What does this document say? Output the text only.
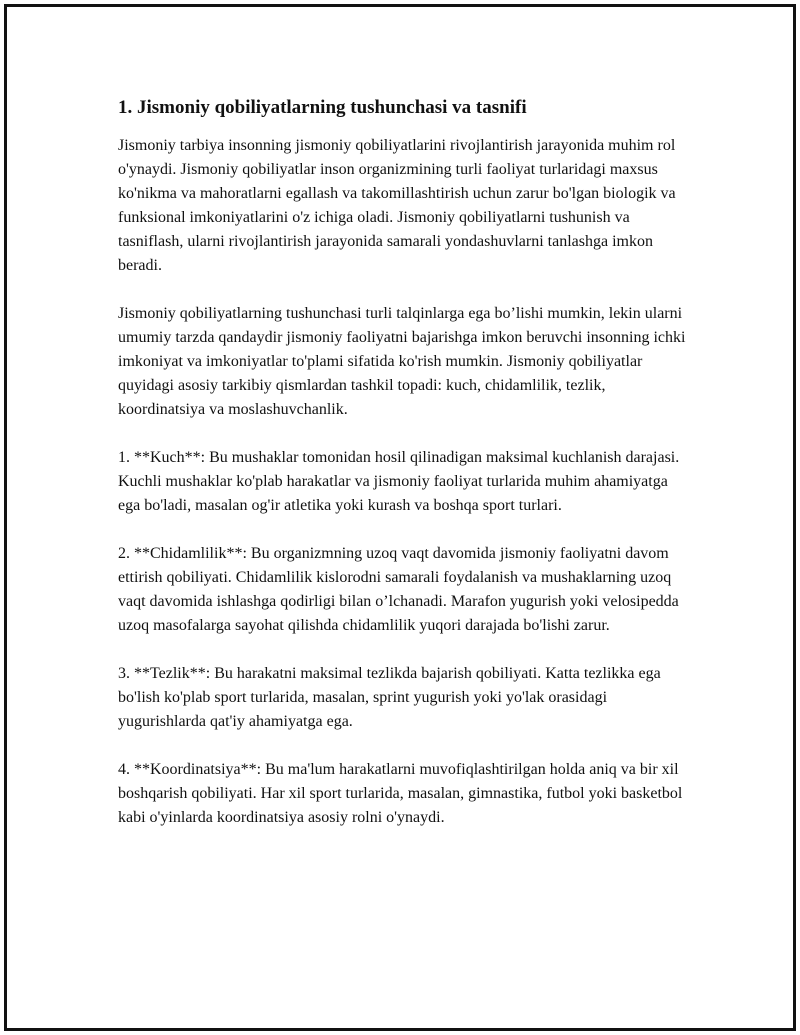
1. Jismoniy qobiliyatlarning tushunchasi va tasnifi

Jismoniy tarbiya insonning jismoniy qobiliyatlarini rivojlantirish jarayonida muhim rol o'ynaydi. Jismoniy qobiliyatlar inson organizmining turli faoliyat turlaridagi maxsus ko'nikma va mahoratlarni egallash va takomillashtirish uchun zarur bo'lgan biologik va funksional imkoniyatlarini o'z ichiga oladi. Jismoniy qobiliyatlarni tushunish va tasniflash, ularni rivojlantirish jarayonida samarali yondashuvlarni tanlashga imkon beradi.

Jismoniy qobiliyatlarning tushunchasi turli talqinlarga ega bo’lishi mumkin, lekin ularni umumiy tarzda qandaydir jismoniy faoliyatni bajarishga imkon beruvchi insonning ichki imkoniyat va imkoniyatlar to'plami sifatida ko'rish mumkin. Jismoniy qobiliyatlar quyidagi asosiy tarkibiy qismlardan tashkil topadi: kuch, chidamlilik, tezlik, koordinatsiya va moslashuvchanlik.

1. **Kuch**: Bu mushaklar tomonidan hosil qilinadigan maksimal kuchlanish darajasi. Kuchli mushaklar ko'plab harakatlar va jismoniy faoliyat turlarida muhim ahamiyatga ega bo'ladi, masalan og'ir atletika yoki kurash va boshqa sport turlari.

2. **Chidamlilik**: Bu organizmning uzoq vaqt davomida jismoniy faoliyatni davom ettirish qobiliyati. Chidamlilik kislorodni samarali foydalanish va mushaklarning uzoq vaqt davomida ishlashga qodirligi bilan o’lchanadi. Marafon yugurish yoki velosipedda uzoq masofalarga sayohat qilishda chidamlilik yuqori darajada bo'lishi zarur.

3. **Tezlik**: Bu harakatni maksimal tezlikda bajarish qobiliyati. Katta tezlikka ega bo'lish ko'plab sport turlarida, masalan, sprint yugurish yoki yo'lak orasidagi yugurishlarda qat'iy ahamiyatga ega.

4. **Koordinatsiya**: Bu ma'lum harakatlarni muvofiqlashtirilgan holda aniq va bir xil boshqarish qobiliyati. Har xil sport turlarida, masalan, gimnastika, futbol yoki basketbol kabi o'yinlarda koordinatsiya asosiy rolni o'ynaydi.
